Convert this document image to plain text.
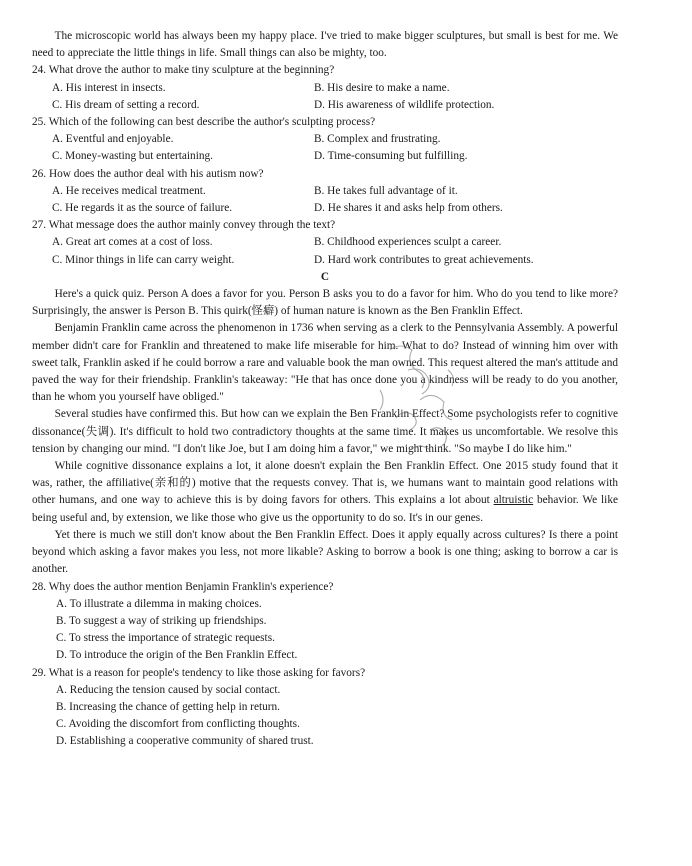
The microscopic world has always been my happy place. I've tried to make bigger sculptures, but small is best for me. We need to appreciate the little things in life. Small things can also be mighty, too.

24. What drove the author to make tiny sculpture at the beginning?

A. His interest in insects.	B. His desire to make a name.

C. His dream of setting a record.	D. His awareness of wildlife protection.

25. Which of the following can best describe the author's sculpting process?

A. Eventful and enjoyable.	B. Complex and frustrating.

C. Money-wasting but entertaining.	D. Time-consuming but fulfilling.

26. How does the author deal with his autism now?

A. He receives medical treatment.	B. He takes full advantage of it.

C. He regards it as the source of failure.	D. He shares it and asks help from others.

27. What message does the author mainly convey through the text?

A. Great art comes at a cost of loss.	B. Childhood experiences sculpt a career.

C. Minor things in life can carry weight.	D. Hard work contributes to great achievements.

C

Here's a quick quiz. Person A does a favor for you. Person B asks you to do a favor for him. Who do you tend to like more? Surprisingly, the answer is Person B. This quirk(怪癖) of human nature is known as the Ben Franklin Effect.

Benjamin Franklin came across the phenomenon in 1736 when serving as a clerk to the Pennsylvania Assembly. A powerful member didn't care for Franklin and threatened to make life miserable for him. What to do? Instead of winning him over with sweet talk, Franklin asked if he could borrow a rare and valuable book the man owned. This request altered the man's attitude and paved the way for their friendship. Franklin's takeaway: "He that has once done you a kindness will be ready to do you another, than he whom you yourself have obliged."

Several studies have confirmed this. But how can we explain the Ben Franklin Effect? Some psychologists refer to cognitive dissonance(失调). It's difficult to hold two contradictory thoughts at the same time. It makes us uncomfortable. We resolve this tension by changing our mind. "I don't like Joe, but I am doing him a favor," we might think. "So maybe I do like him."

While cognitive dissonance explains a lot, it alone doesn't explain the Ben Franklin Effect. One 2015 study found that it was, rather, the affiliative(亲和的) motive that the requests convey. That is, we humans want to maintain good relations with other humans, and one way to achieve this is by doing favors for others. This explains a lot about altruistic behavior. We like being useful and, by extension, we like those who give us the opportunity to do so. It's in our genes.

Yet there is much we still don't know about the Ben Franklin Effect. Does it apply equally across cultures? Is there a point beyond which asking a favor makes you less, not more likable? Asking to borrow a book is one thing; asking to borrow a car is another.

28. Why does the author mention Benjamin Franklin's experience?

A. To illustrate a dilemma in making choices.

B. To suggest a way of striking up friendships.

C. To stress the importance of strategic requests.

D. To introduce the origin of the Ben Franklin Effect.

29. What is a reason for people's tendency to like those asking for favors?

A. Reducing the tension caused by social contact.

B. Increasing the chance of getting help in return.

C. Avoiding the discomfort from conflicting thoughts.

D. Establishing a cooperative community of shared trust.
